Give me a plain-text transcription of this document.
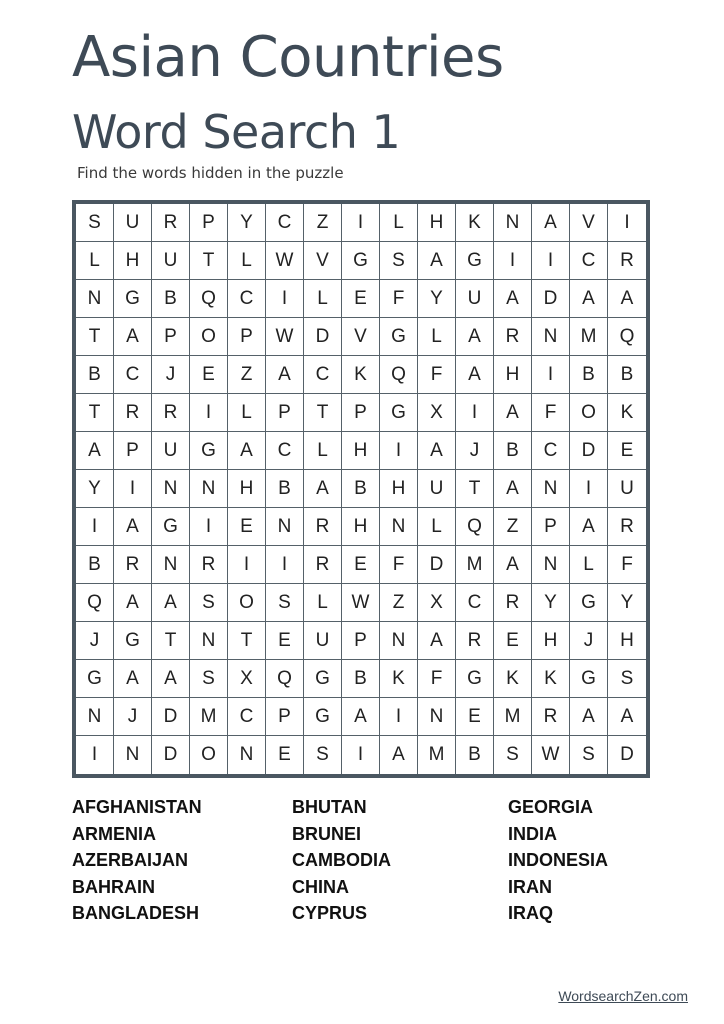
Asian Countries
Word Search 1
Find the words hidden in the puzzle
S	U	R	P	Y	C	Z	I	L	H	K	N	A	V	I
L	H	U	T	L	W	V	G	S	A	G	I	I	C	R
N	G	B	Q	C	I	L	E	F	Y	U	A	D	A	A
T	A	P	O	P	W	D	V	G	L	A	R	N	M	Q
B	C	J	E	Z	A	C	K	Q	F	A	H	I	B	B
T	R	R	I	L	P	T	P	G	X	I	A	F	O	K
A	P	U	G	A	C	L	H	I	A	J	B	C	D	E
Y	I	N	N	H	B	A	B	H	U	T	A	N	I	U
I	A	G	I	E	N	R	H	N	L	Q	Z	P	A	R
B	R	N	R	I	I	R	E	F	D	M	A	N	L	F
Q	A	A	S	O	S	L	W	Z	X	C	R	Y	G	Y
J	G	T	N	T	E	U	P	N	A	R	E	H	J	H
G	A	A	S	X	Q	G	B	K	F	G	K	K	G	S
N	J	D	M	C	P	G	A	I	N	E	M	R	A	A
I	N	D	O	N	E	S	I	A	M	B	S	W	S	D
AFGHANISTAN
ARMENIA
AZERBAIJAN
BAHRAIN
BANGLADESH
BHUTAN
BRUNEI
CAMBODIA
CHINA
CYPRUS
GEORGIA
INDIA
INDONESIA
IRAN
IRAQ
WordsearchZen.com
